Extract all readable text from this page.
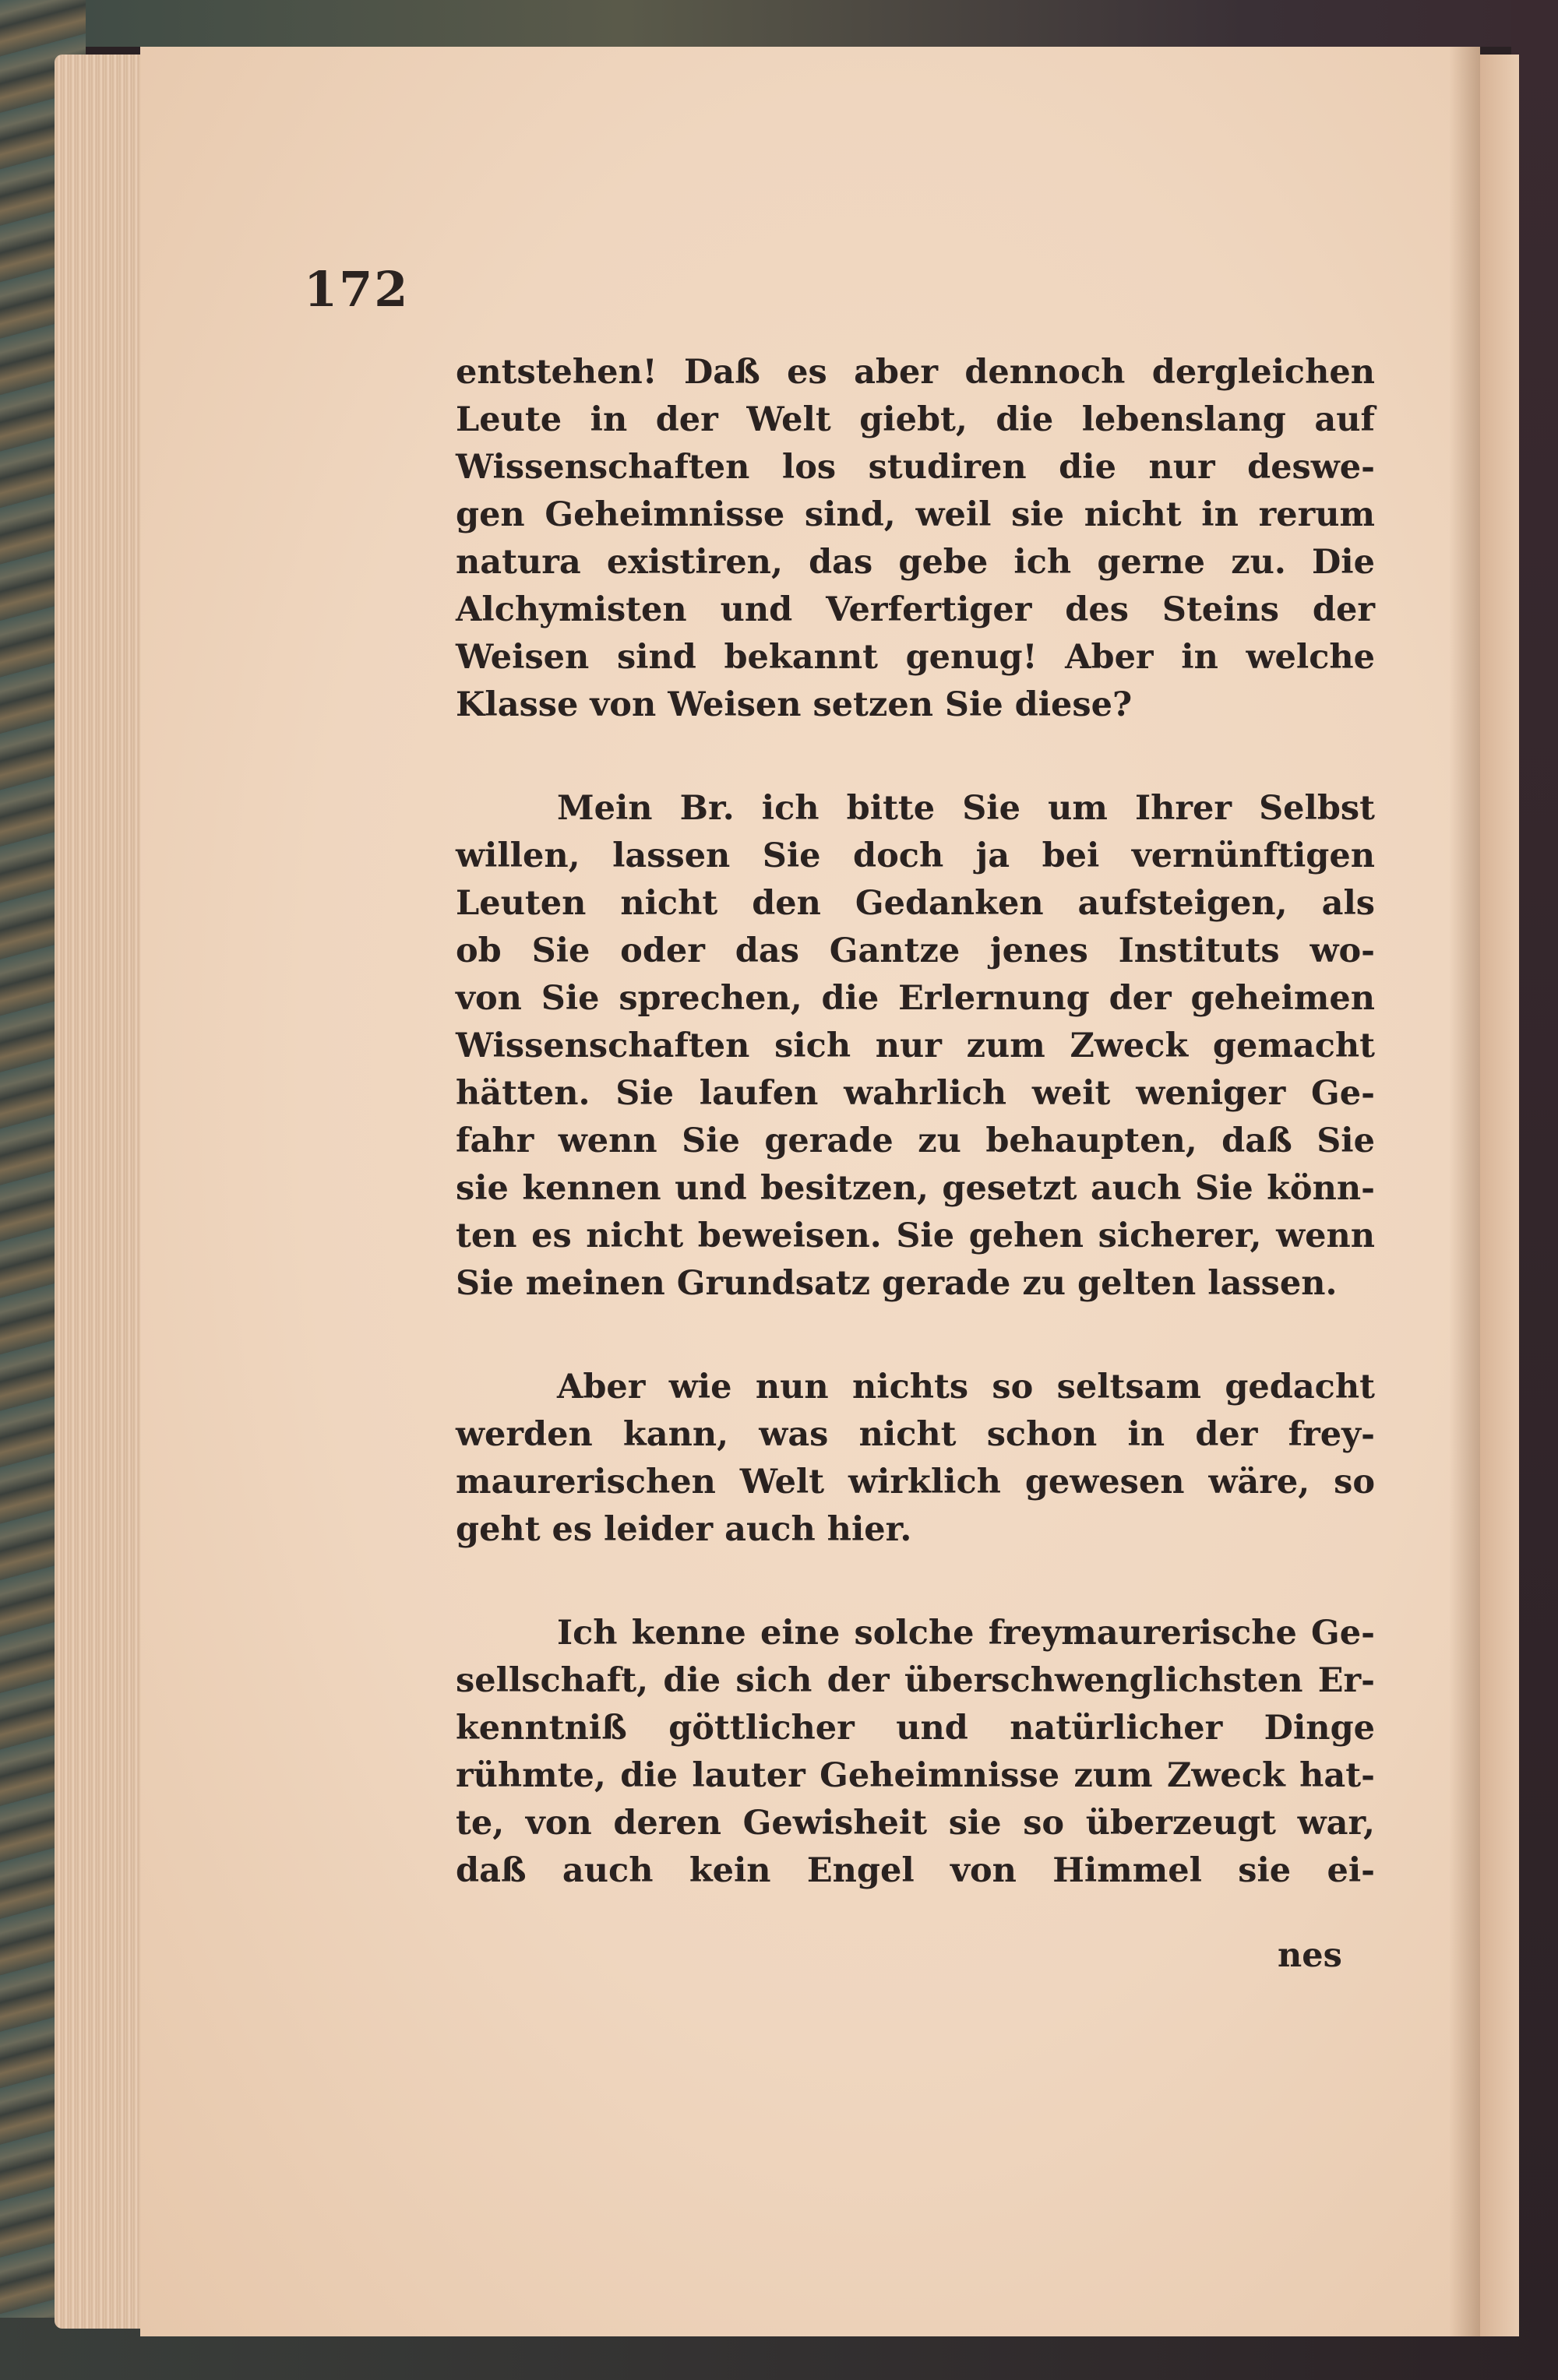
172
entstehen! Daß es aber dennoch dergleichen
Leute in der Welt giebt, die lebenslang auf
Wissenschaften los studiren die nur deswe-
gen Geheimnisse sind, weil sie nicht in rerum
natura existiren, das gebe ich gerne zu. Die
Alchymisten und Verfertiger des Steins der
Weisen sind bekannt genug! Aber in welche
Klasse von Weisen setzen Sie diese?
Mein Br. ich bitte Sie um Ihrer Selbst
willen, lassen Sie doch ja bei vernünftigen
Leuten nicht den Gedanken aufsteigen, als
ob Sie oder das Gantze jenes Instituts wo-
von Sie sprechen, die Erlernung der geheimen
Wissenschaften sich nur zum Zweck gemacht
hätten. Sie laufen wahrlich weit weniger Ge-
fahr wenn Sie gerade zu behaupten, daß Sie
sie kennen und besitzen, gesetzt auch Sie könn-
ten es nicht beweisen. Sie gehen sicherer, wenn
Sie meinen Grundsatz gerade zu gelten lassen.
Aber wie nun nichts so seltsam gedacht
werden kann, was nicht schon in der frey-
maurerischen Welt wirklich gewesen wäre, so
geht es leider auch hier.
Ich kenne eine solche freymaurerische Ge-
sellschaft, die sich der überschwenglichsten Er-
kenntniß göttlicher und natürlicher Dinge
rühmte, die lauter Geheimnisse zum Zweck hat-
te, von deren Gewisheit sie so überzeugt war,
daß auch kein Engel von Himmel sie ei-
nes
